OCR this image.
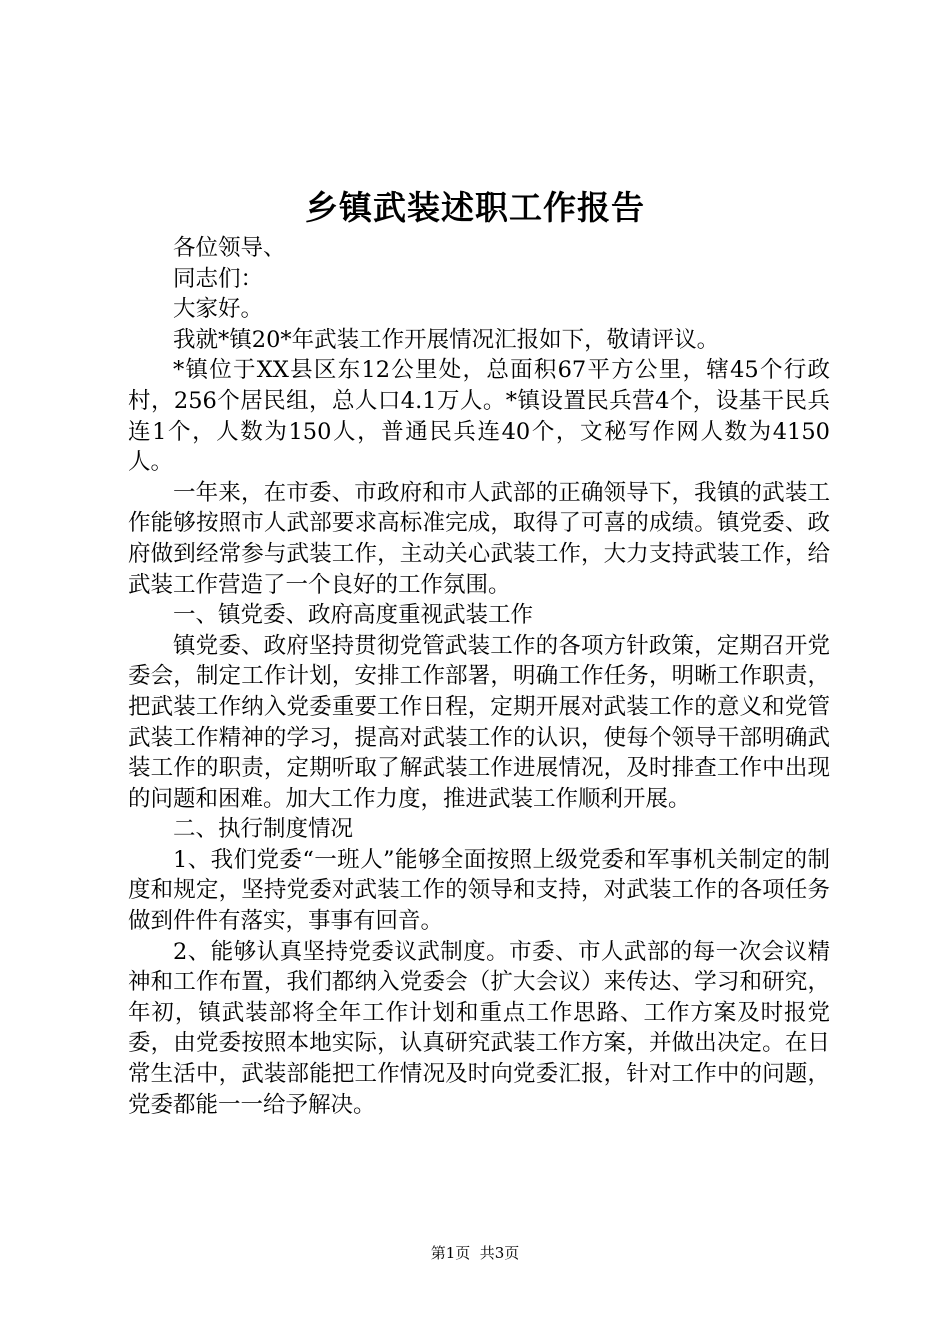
乡镇武装述职工作报告

各位领导、

同志们：

大家好。

我就*镇20*年武装工作开展情况汇报如下，敬请评议。

*镇位于XX县区东12公里处，总面积67平方公里，辖45个行政村，256个居民组，总人口4.1万人。*镇设置民兵营4个，设基干民兵连1个，人数为150人，普通民兵连40个，文秘写作网人数为4150人。

一年来，在市委、市政府和市人武部的正确领导下，我镇的武装工作能够按照市人武部要求高标准完成，取得了可喜的成绩。镇党委、政府做到经常参与武装工作，主动关心武装工作，大力支持武装工作，给武装工作营造了一个良好的工作氛围。

一、镇党委、政府高度重视武装工作

镇党委、政府坚持贯彻党管武装工作的各项方针政策，定期召开党委会，制定工作计划，安排工作部署，明确工作任务，明晰工作职责，把武装工作纳入党委重要工作日程，定期开展对武装工作的意义和党管武装工作精神的学习，提高对武装工作的认识，使每个领导干部明确武装工作的职责，定期听取了解武装工作进展情况，及时排查工作中出现的问题和困难。加大工作力度，推进武装工作顺利开展。

二、执行制度情况

1、我们党委“一班人”能够全面按照上级党委和军事机关制定的制度和规定，坚持党委对武装工作的领导和支持，对武装工作的各项任务做到件件有落实，事事有回音。

2、能够认真坚持党委议武制度。市委、市人武部的每一次会议精神和工作布置，我们都纳入党委会（扩大会议）来传达、学习和研究，年初，镇武装部将全年工作计划和重点工作思路、工作方案及时报党委，由党委按照本地实际，认真研究武装工作方案，并做出决定。在日常生活中，武装部能把工作情况及时向党委汇报，针对工作中的问题，党委都能一一给予解决。

第1页  共3页
